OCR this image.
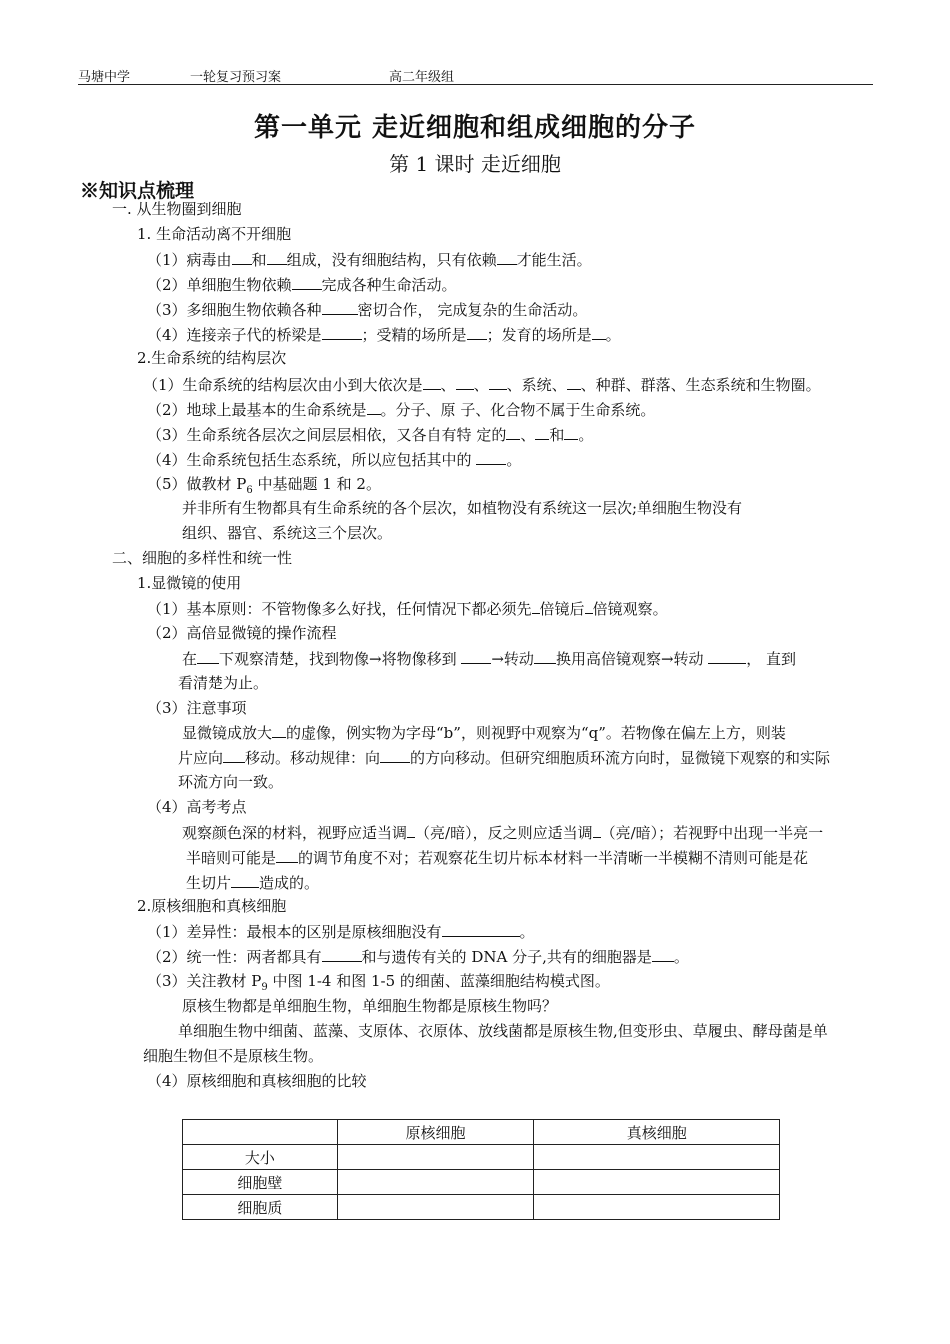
马塘中学	一轮复习预习案	高二年级组
第一单元 走近细胞和组成细胞的分子
第 1 课时 走近细胞
※知识点梳理
一. 从生物圈到细胞
1. 生命活动离不开细胞
（1）病毒由 和 组成，没有细胞结构，只有依赖 才能生活。
（2）单细胞生物依赖 完成各种生命活动。
（3）多细胞生物依赖各种 密切合作， 完成复杂的生命活动。
（4）连接亲子代的桥梁是	；受精的场所是 ；发育的场所是 。
2.生命系统的结构层次
（1）生命系统的结构层次由小到大依次是 、 、 、系统、 、种群、群落、生态系统和生物圈。
（2）地球上最基本的生命系统是 。分子、原 子、化合物不属于生命系统。
（3）生命系统各层次之间层层相依，又各自有特 定的 、 和 。
（4）生命系统包括生态系统，所以应包括其中的 。
（5）做教材 $P_6$ 中基础题 1 和 2。
并非所有生物都具有生命系统的各个层次，如植物没有系统这一层次;单细胞生物没有
组织、器官、系统这三个层次。
二、细胞的多样性和统一性
1.显微镜的使用
（1）基本原则：不管物像多么好找，任何情况下都必须先 倍镜后 倍镜观察。
（2）高倍显微镜的操作流程
在 下观察清楚，找到物像→将物像移到 →转动 换用高倍镜观察→转动	， 直到
看清楚为止。
（3）注意事项
显微镜成放大 的虚像，例实物为字母“b”，则视野中观察为“q”。若物像在偏左上方，则装
片应向 移动。移动规律：向 的方向移动。但研究细胞质环流方向时，显微镜下观察的和实际
环流方向一致。
（4）高考考点
观察颜色深的材料，视野应适当调 （亮/暗），反之则应适当调 （亮/暗）；若视野中出现一半亮一
半暗则可能是 的调节角度不对；若观察花生切片标本材料一半清晰一半模糊不清则可能是花
生切片 造成的。
2.原核细胞和真核细胞
（1）差异性：最根本的区别是原核细胞没有	。
（2）统一性：两者都具有	和与遗传有关的 DNA 分子,共有的细胞器是 。
（3）关注教材 $P_9$ 中图 1-4 和图 1-5 的细菌、蓝藻细胞结构模式图。
原核生物都是单细胞生物，单细胞生物都是原核生物吗？
单细胞生物中细菌、蓝藻、支原体、衣原体、放线菌都是原核生物,但变形虫、草履虫、酵母菌是单
细胞生物但不是原核生物。
（4）原核细胞和真核细胞的比较
	原核细胞	真核细胞
大小		
细胞壁		
细胞质		
